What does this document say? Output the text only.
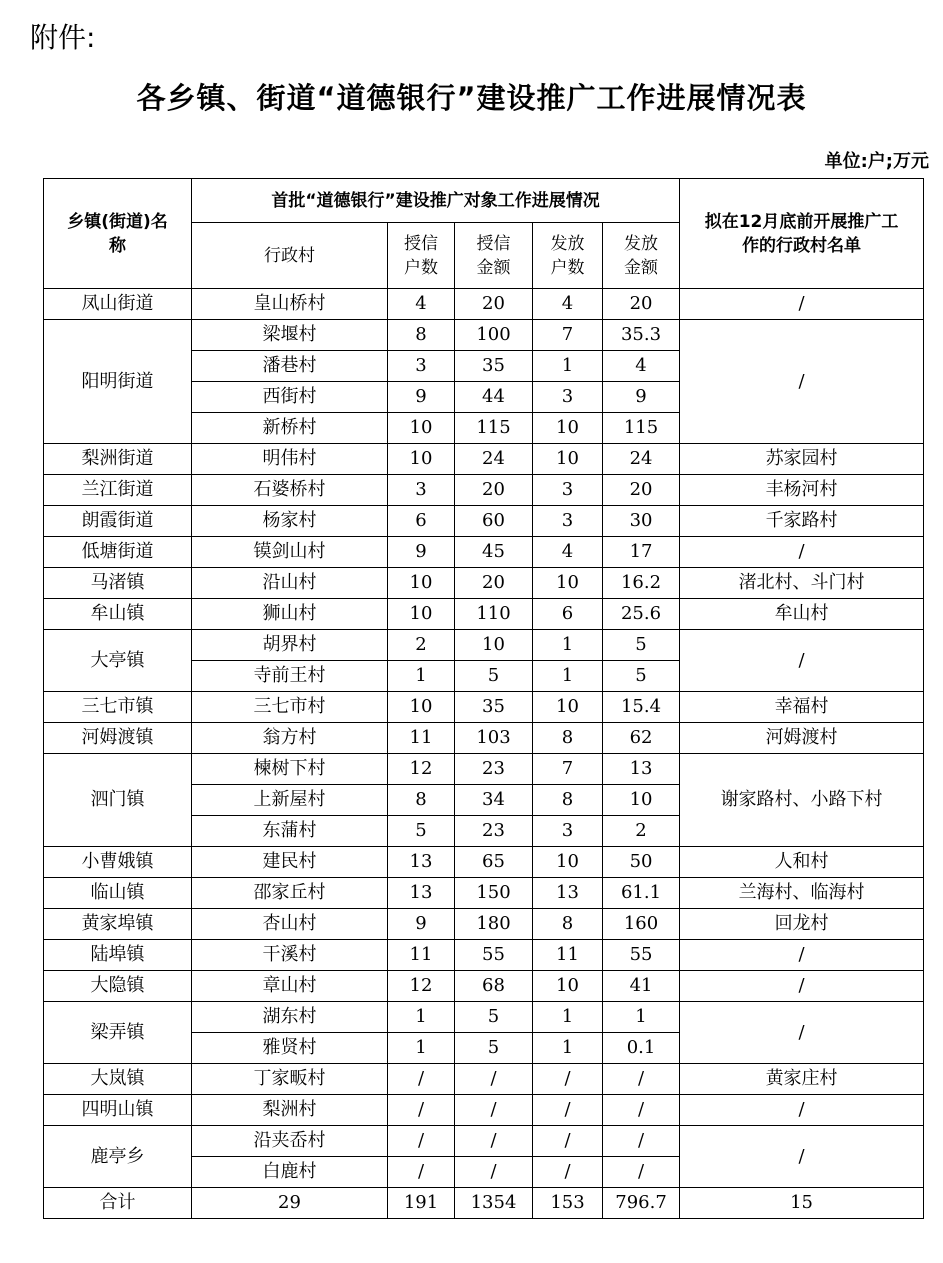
附件:
各乡镇、街道“道德银行”建设推广工作进展情况表
单位:户;万元
乡镇(街道)名称	首批“道德银行”建设推广对象工作进展情况					拟在12月底前开展推广工作的行政村名单

	行政村	授信户数	授信金额	发放户数	发放金额	

凤山街道	皇山桥村	4	20	4	20	/
阳明街道	梁堰村	8	100	7	35.3	/
	潘巷村	3	35	1	4	
	西街村	9	44	3	9	
	新桥村	10	115	10	115	
梨洲街道	明伟村	10	24	10	24	苏家园村
兰江街道	石婆桥村	3	20	3	20	丰杨河村
朗霞街道	杨家村	6	60	3	30	千家路村
低塘街道	镆剑山村	9	45	4	17	/
马渚镇	沿山村	10	20	10	16.2	渚北村、斗门村
牟山镇	狮山村	10	110	6	25.6	牟山村
大亭镇	胡界村	2	10	1	5	/
	寺前王村	1	5	1	5	
三七市镇	三七市村	10	35	10	15.4	幸福村
河姆渡镇	翁方村	11	103	8	62	河姆渡村
泗门镇	楝树下村	12	23	7	13	谢家路村、小路下村
	上新屋村	8	34	8	10	
	东蒲村	5	23	3	2	
小曹娥镇	建民村	13	65	10	50	人和村
临山镇	邵家丘村	13	150	13	61.1	兰海村、临海村
黄家埠镇	杏山村	9	180	8	160	回龙村
陆埠镇	干溪村	11	55	11	55	/
大隐镇	章山村	12	68	10	41	/
梁弄镇	湖东村	1	5	1	1	/
	雅贤村	1	5	1	0.1	
大岚镇	丁家畈村	/	/	/	/	黄家庄村
四明山镇	梨洲村	/	/	/	/	/
鹿亭乡	沿夹岙村	/	/	/	/	/
	白鹿村	/	/	/	/	
合计	29	191	1354	153	796.7	15
